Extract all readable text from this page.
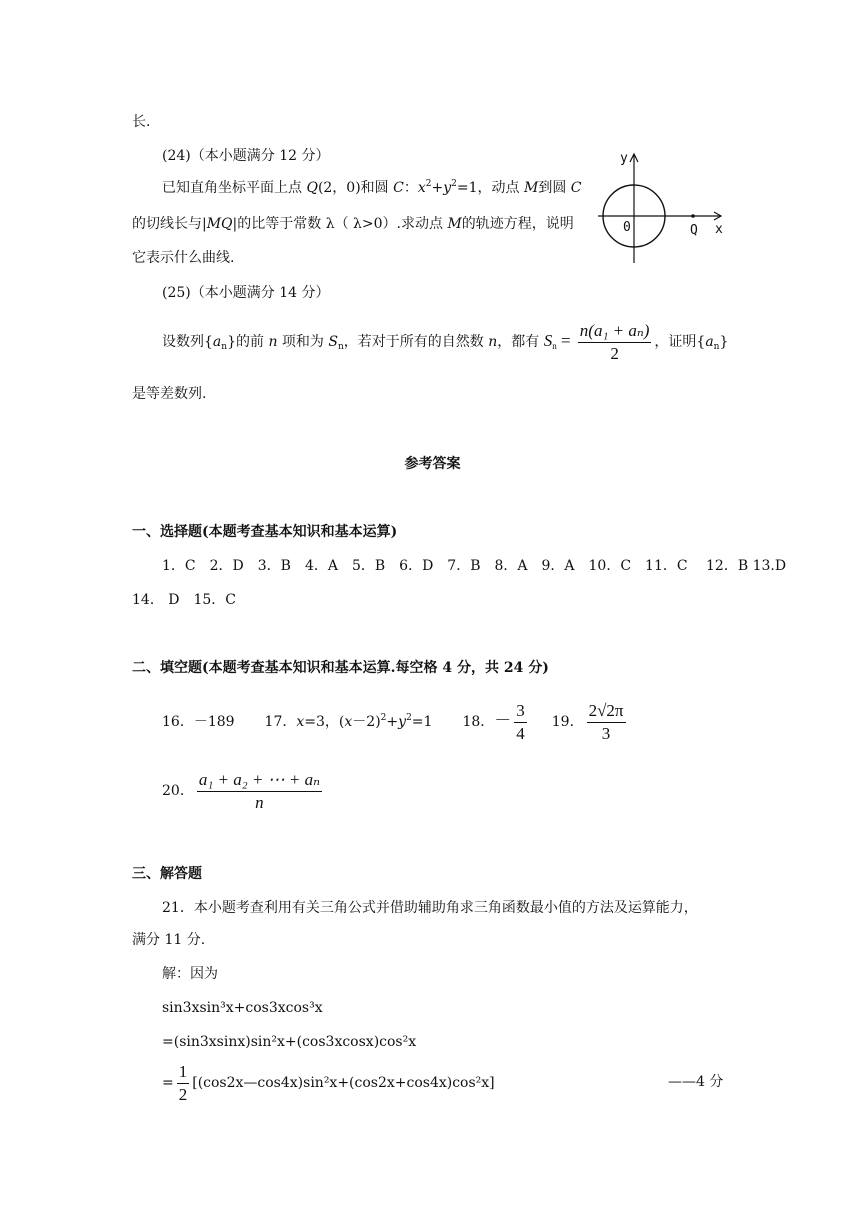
长.
(24)（本小题满分 12 分）
已知直角坐标平面上点 Q(2，0)和圆 C：$x^2+y^2=1$，动点 M到圆 C
的切线长与|MQ|的比等于常数 λ（ λ>0）.求动点 M的轨迹方程，说明
它表示什么曲线.
y
x
0	Q
(25)（本小题满分 14 分）
设数列$\{a_n\}$的前 n 项和为 $S_n$，若对于所有的自然数 n，都有 $S_n = \frac{\text{n(a₁ + aₙ)}}{2}$ ，证明$\{a_n\}$
是等差数列.
参考答案
一、选择题(本题考查基本知识和基本运算)
1．C　2．D　3．B　4．A　5．B　6．D　7．B　8．A　9．A　10．C　11．C　 12．B 13.D
14． D　15．C
二、填空题(本题考查基本知识和基本运算.每空格 4 分，共 24 分)
16．－189 17．x=3，$(x-2)^2+y^2=1$ 18．－ $\frac{3}{4} 19$． $\frac{2√2\pi}{3}$
20． $\frac{\text{a₁ + a₂ + ⋯ + aₙ}}{n}$
三、解答题
21．本小题考查利用有关三角公式并借助辅助角求三角函数最小值的方法及运算能力，
满分 11 分.
解：因为
sin3xsin³x+cos3xcos³x
=(sin3xsinx)sin²x+(cos3xcosx)cos²x
= $\frac{1}{2}$ [(cos2x—cos4x)sin²x+(cos2x+cos4x)cos²x]	——4 分
